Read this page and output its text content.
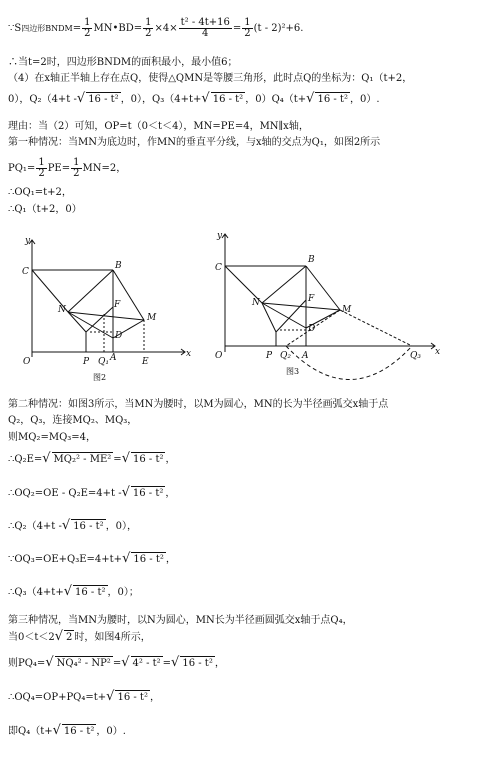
∵S四边形BNDM= $\frac{1}{2}$ MN•BD= $\frac{1}{2} \times 4\times \frac{\text{t² - 4t+16}}{4} = \frac{1}{2} (t - 2)^2+6$.
∴当t=2时，四边形BNDM的面积最小，最小值6；
（4）在x轴正半轴上存在点Q，使得△QMN是等腰三角形，此时点Q的坐标为：Q₁（t+2，
0），Q₂（4+t -√ 16 - t² ，0），Q₃（4+t+√ 16 - t² ，0）Q₄（t+√ 16 - t² ，0）.
理由：当（2）可知，OP=t（0＜t＜4），MN=PE=4，MN∥x轴，
第一种情况：当MN为底边时，作MN的垂直平分线，与x轴的交点为Q₁，如图2所示
$PQ_1= \frac{1}{2} PE= \frac{1}{2} MN=2$，
∴OQ₁=t+2，
∴Q₁（t+2，0）
y
x
C
B
N	F
M
D
O	P Q₁ A	E
图2
y
x
C
B
N	F
M
D
O	P Q₂ A	Q₃
图3
第二种情况：如图3所示，当MN为腰时，以M为圆心，MN的长为半径画弧交x轴于点
Q₂，Q₃，连接MQ₂、MQ₃，
则MQ₂=MQ₃=4，
∴Q₂E=√ MQ₂² - ME² =√ 16 - t² ，
∴OQ₂=OE - Q₂E=4+t -√ 16 - t² ，
∴Q₂（4+t -√ 16 - t² ，0），
∵OQ₃=OE+Q₃E=4+t+√ 16 - t² ，
∴Q₃（4+t+√ 16 - t² ，0）；
第三种情况，当MN为腰时，以N为圆心，MN长为半径画圆弧交x轴于点Q₄，
当0＜t＜2√ 2 时，如图4所示，
则PQ₄=√ NQ₄² - NP² =√ 4² - t² =√ 16 - t² ，
∴OQ₄=OP+PQ₄=t+√ 16 - t² ，
即Q₄（t+√ 16 - t² ，0）.
